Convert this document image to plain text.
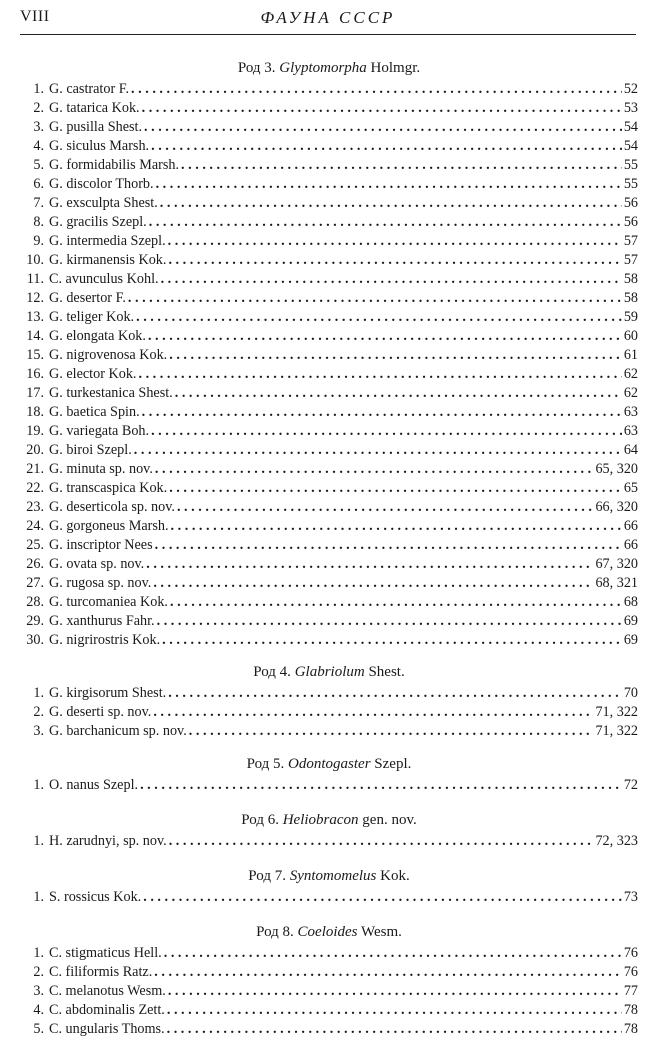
VIII	ФАУНА СССР
Род 3. Glyptomorpha Holmgr.
1. G. castrator F. . . .	52
2. G. tatarica Kok. . . .	53
3. G. pusilla Shest. . . .	54
4. G. siculus Marsh. . . .	54
5. G. formidabilis Marsh. . . .	55
6. G. discolor Thorb. . . .	55
7. G. exsculpta Shest. . . .	56
8. G. gracilis Szepl. . . .	56
9. G. intermedia Szepl. . . .	57
10. G. kirmanensis Kok. . . .	57
11. C. avunculus Kohl. . . .	58
12. G. desertor F. . . .	58
13. G. teliger Kok. . . .	59
14. G. elongata Kok. . . .	60
15. G. nigrovenosa Kok. . . .	61
16. G. elector Kok. . . .	62
17. G. turkestanica Shest. . . .	62
18. G. baetica Spin. . . .	63
19. G. variegata Boh. . . .	63
20. G. biroi Szepl. . . .	64
21. G. minuta sp. nov. . . .	65, 320
22. G. transcaspica Kok. . . .	65
23. G. deserticola sp. nov. . . .	66, 320
24. G. gorgoneus Marsh. . . .	66
25. G. inscriptor Nees . . .	66
26. G. ovata sp. nov. . . .	67, 320
27. G. rugosa sp. nov. . . .	68, 321
28. G. turcomaniea Kok. . . .	68
29. G. xanthurus Fahr. . . .	69
30. G. nigrirostris Kok. . . .	69
Род 4. Glabriolum Shest.
1. G. kirgisorum Shest. . . .	70
2. G. deserti sp. nov. . . .	71, 322
3. G. barchanicum sp. nov. . . .	71, 322
Род 5. Odontogaster Szepl.
1. O. nanus Szepl. . . .	72
Род 6. Heliobracon gen. nov.
1. H. zarudnyi, sp. nov. . . .	72, 323
Род 7. Syntomomelus Kok.
1. S. rossicus Kok. . . .	73
Род 8. Coeloides Wesm.
1. C. stigmaticus Hell. . . .	76
2. C. filiformis Ratz. . . .	76
3. C. melanotus Wesm. . . .	77
4. C. abdominalis Zett. . . .	78
5. C. ungularis Thoms. . . .	78
